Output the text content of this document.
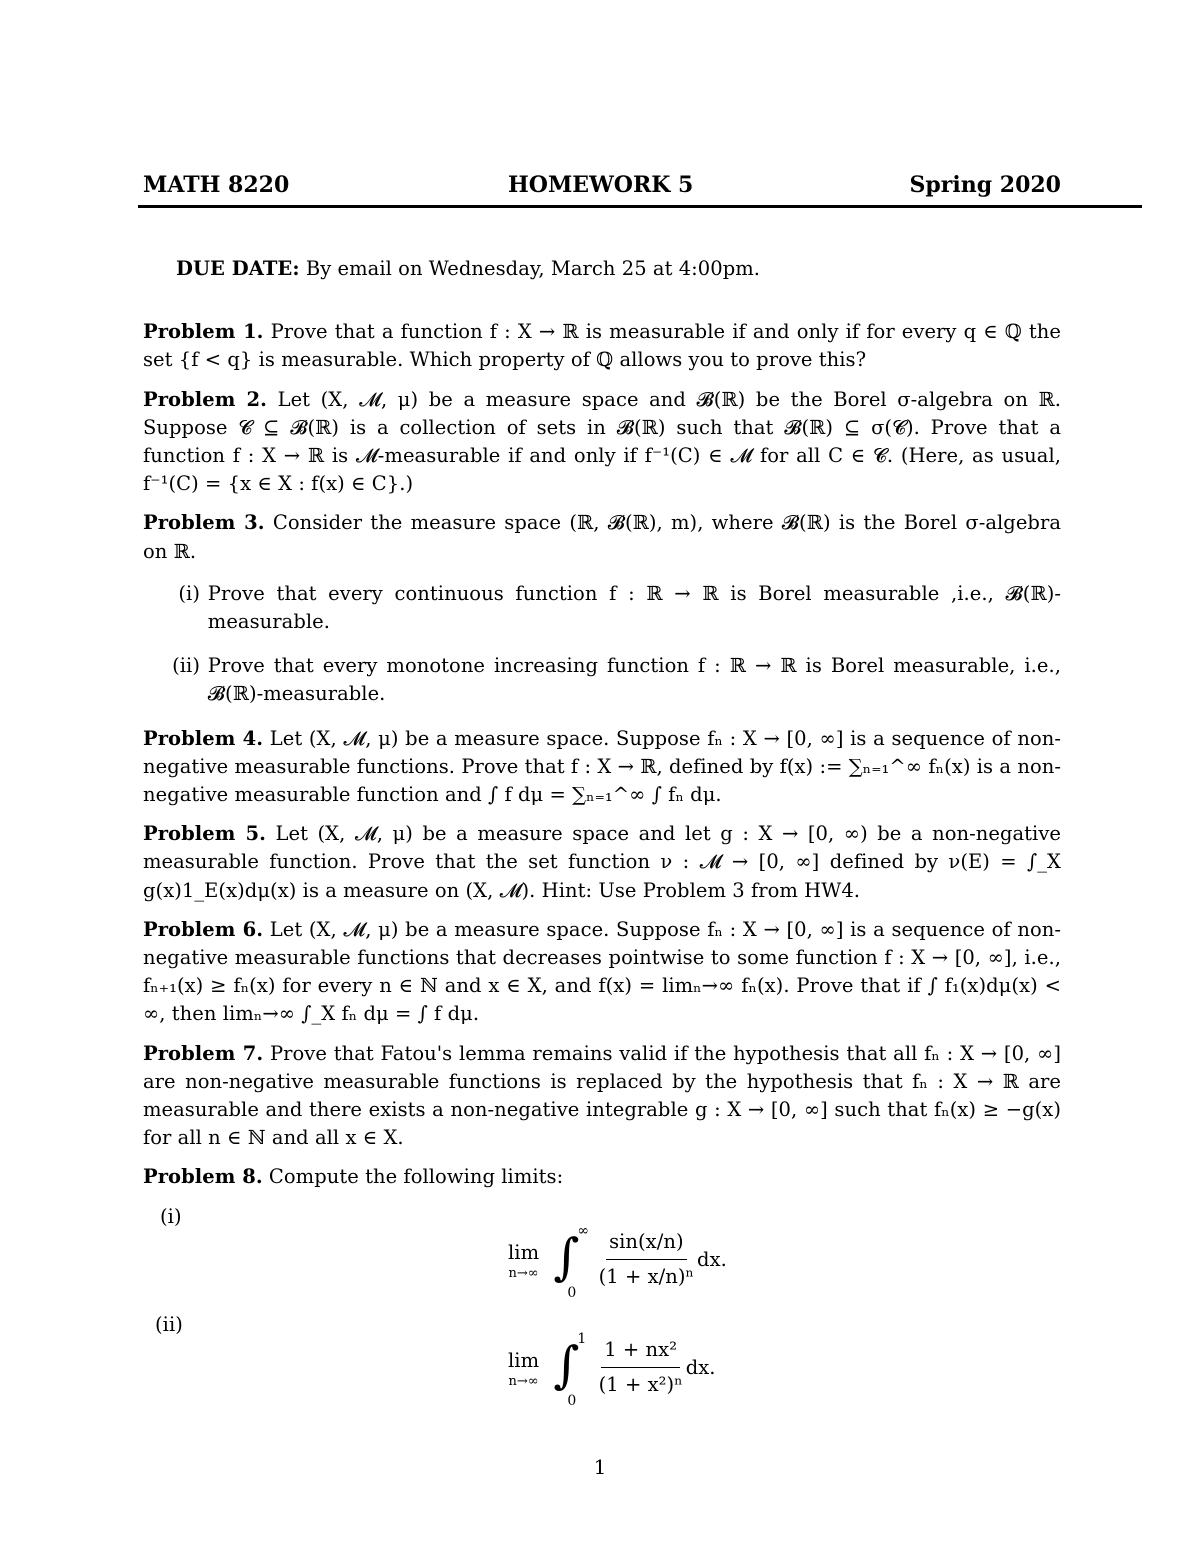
MATH 8220	HOMEWORK 5	Spring 2020

DUE DATE: By email on Wednesday, March 25 at 4:00pm.

Problem 1. Prove that a function f : X → ℝ is measurable if and only if for every q ∈ ℚ the set {f < q} is measurable. Which property of ℚ allows you to prove this?

Problem 2. Let (X, 𝓜, μ) be a measure space and 𝓑(ℝ) be the Borel σ-algebra on ℝ. Suppose 𝓒 ⊆ 𝓑(ℝ) is a collection of sets in 𝓑(ℝ) such that 𝓑(ℝ) ⊆ σ(𝓒). Prove that a function f : X → ℝ is 𝓜-measurable if and only if f⁻¹(C) ∈ 𝓜 for all C ∈ 𝓒. (Here, as usual, f⁻¹(C) = {x ∈ X : f(x) ∈ C}.)

Problem 3. Consider the measure space (ℝ, 𝓑(ℝ), m), where 𝓑(ℝ) is the Borel σ-algebra on ℝ.

(i) Prove that every continuous function f : ℝ → ℝ is Borel measurable ,i.e., 𝓑(ℝ)-measurable.
(ii) Prove that every monotone increasing function f : ℝ → ℝ is Borel measurable, i.e., 𝓑(ℝ)-measurable.

Problem 4. Let (X, 𝓜, μ) be a measure space. Suppose fₙ : X → [0, ∞] is a sequence of non-negative measurable functions. Prove that f : X → ℝ, defined by f(x) := ∑ₙ₌₁^∞ fₙ(x) is a non-negative measurable function and ∫ f dμ = ∑ₙ₌₁^∞ ∫ fₙ dμ.

Problem 5. Let (X, 𝓜, μ) be a measure space and let g : X → [0, ∞) be a non-negative measurable function. Prove that the set function ν : 𝓜 → [0, ∞] defined by ν(E) = ∫_X g(x)1_E(x)dμ(x) is a measure on (X, 𝓜). Hint: Use Problem 3 from HW4.

Problem 6. Let (X, 𝓜, μ) be a measure space. Suppose fₙ : X → [0, ∞] is a sequence of non-negative measurable functions that decreases pointwise to some function f : X → [0, ∞], i.e., fₙ₊₁(x) ≥ fₙ(x) for every n ∈ ℕ and x ∈ X, and f(x) = limₙ→∞ fₙ(x). Prove that if ∫ f₁(x)dμ(x) < ∞, then limₙ→∞ ∫_X fₙ dμ = ∫ f dμ.

Problem 7. Prove that Fatou's lemma remains valid if the hypothesis that all fₙ : X → [0, ∞] are non-negative measurable functions is replaced by the hypothesis that fₙ : X → ℝ are measurable and there exists a non-negative integrable g : X → [0, ∞] such that fₙ(x) ≥ −g(x) for all n ∈ ℕ and all x ∈ X.

Problem 8. Compute the following limits:

(i)
lim
n→∞
∫
∞
0

$\frac{\sin(x/n)}{\text{(1 + x/n)ⁿ}}$ dx.
(ii)
lim
n→∞
∫
1
0

$\frac{\text{1 + nx²}}{\text{(1 + x²)ⁿ}}$ dx.
1
